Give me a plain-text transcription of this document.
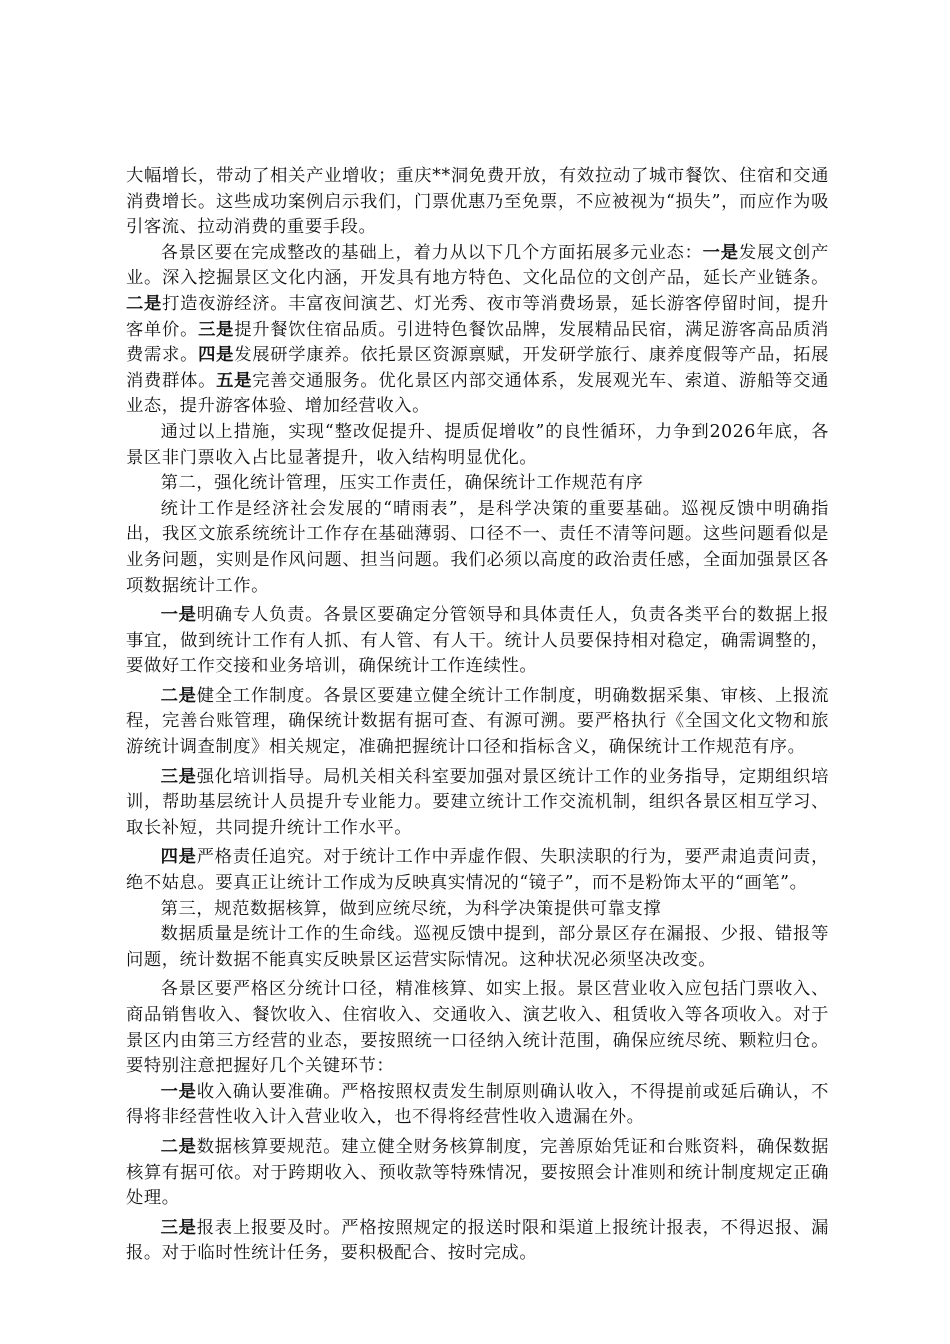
大幅增长，带动了相关产业增收；重庆**洞免费开放，有效拉动了城市餐饮、住宿和交通消费增长。这些成功案例启示我们，门票优惠乃至免票，不应被视为“损失”，而应作为吸引客流、拉动消费的重要手段。

各景区要在完成整改的基础上，着力从以下几个方面拓展多元业态：一是发展文创产业。深入挖掘景区文化内涵，开发具有地方特色、文化品位的文创产品，延长产业链条。二是打造夜游经济。丰富夜间演艺、灯光秀、夜市等消费场景，延长游客停留时间，提升客单价。三是提升餐饮住宿品质。引进特色餐饮品牌，发展精品民宿，满足游客高品质消费需求。四是发展研学康养。依托景区资源禀赋，开发研学旅行、康养度假等产品，拓展消费群体。五是完善交通服务。优化景区内部交通体系，发展观光车、索道、游船等交通业态，提升游客体验、增加经营收入。

通过以上措施，实现“整改促提升、提质促增收”的良性循环，力争到2026年底，各景区非门票收入占比显著提升，收入结构明显优化。

第二，强化统计管理，压实工作责任，确保统计工作规范有序

统计工作是经济社会发展的“晴雨表”，是科学决策的重要基础。巡视反馈中明确指出，我区文旅系统统计工作存在基础薄弱、口径不一、责任不清等问题。这些问题看似是业务问题，实则是作风问题、担当问题。我们必须以高度的政治责任感，全面加强景区各项数据统计工作。

一是明确专人负责。各景区要确定分管领导和具体责任人，负责各类平台的数据上报事宜，做到统计工作有人抓、有人管、有人干。统计人员要保持相对稳定，确需调整的，要做好工作交接和业务培训，确保统计工作连续性。

二是健全工作制度。各景区要建立健全统计工作制度，明确数据采集、审核、上报流程，完善台账管理，确保统计数据有据可查、有源可溯。要严格执行《全国文化文物和旅游统计调查制度》相关规定，准确把握统计口径和指标含义，确保统计工作规范有序。

三是强化培训指导。局机关相关科室要加强对景区统计工作的业务指导，定期组织培训，帮助基层统计人员提升专业能力。要建立统计工作交流机制，组织各景区相互学习、取长补短，共同提升统计工作水平。

四是严格责任追究。对于统计工作中弄虚作假、失职渎职的行为，要严肃追责问责，绝不姑息。要真正让统计工作成为反映真实情况的“镜子”，而不是粉饰太平的“画笔”。

第三，规范数据核算，做到应统尽统，为科学决策提供可靠支撑

数据质量是统计工作的生命线。巡视反馈中提到，部分景区存在漏报、少报、错报等问题，统计数据不能真实反映景区运营实际情况。这种状况必须坚决改变。

各景区要严格区分统计口径，精准核算、如实上报。景区营业收入应包括门票收入、商品销售收入、餐饮收入、住宿收入、交通收入、演艺收入、租赁收入等各项收入。对于景区内由第三方经营的业态，要按照统一口径纳入统计范围，确保应统尽统、颗粒归仓。要特别注意把握好几个关键环节：

一是收入确认要准确。严格按照权责发生制原则确认收入，不得提前或延后确认，不得将非经营性收入计入营业收入，也不得将经营性收入遗漏在外。

二是数据核算要规范。建立健全财务核算制度，完善原始凭证和台账资料，确保数据核算有据可依。对于跨期收入、预收款等特殊情况，要按照会计准则和统计制度规定正确处理。

三是报表上报要及时。严格按照规定的报送时限和渠道上报统计报表，不得迟报、漏报。对于临时性统计任务，要积极配合、按时完成。
